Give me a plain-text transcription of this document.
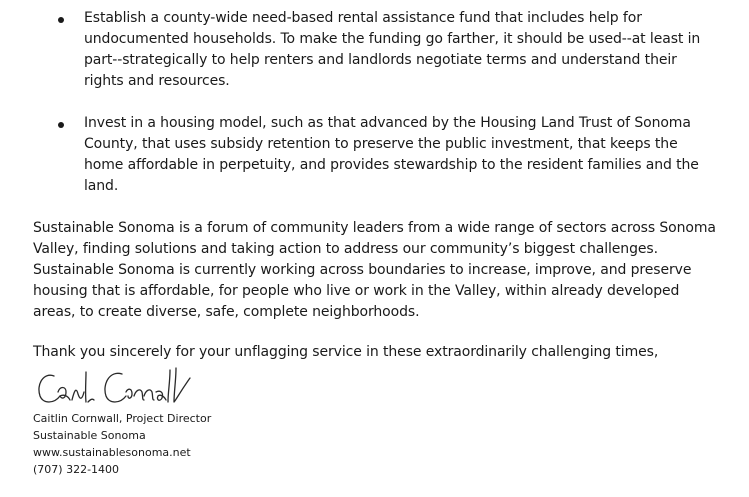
Establish a county-wide need-based rental assistance fund that includes help for undocumented households. To make the funding go farther, it should be used--at least in part--strategically to help renters and landlords negotiate terms and understand their rights and resources.
Invest in a housing model, such as that advanced by the Housing Land Trust of Sonoma County, that uses subsidy retention to preserve the public investment, that keeps the home affordable in perpetuity, and provides stewardship to the resident families and the land.
Sustainable Sonoma is a forum of community leaders from a wide range of sectors across Sonoma Valley, finding solutions and taking action to address our community’s biggest challenges. Sustainable Sonoma is currently working across boundaries to increase, improve, and preserve housing that is affordable, for people who live or work in the Valley, within already developed areas, to create diverse, safe, complete neighborhoods.
Thank you sincerely for your unflagging service in these extraordinarily challenging times,
Caitlin Cornwall, Project Director
Sustainable Sonoma
www.sustainablesonoma.net
(707) 322-1400
